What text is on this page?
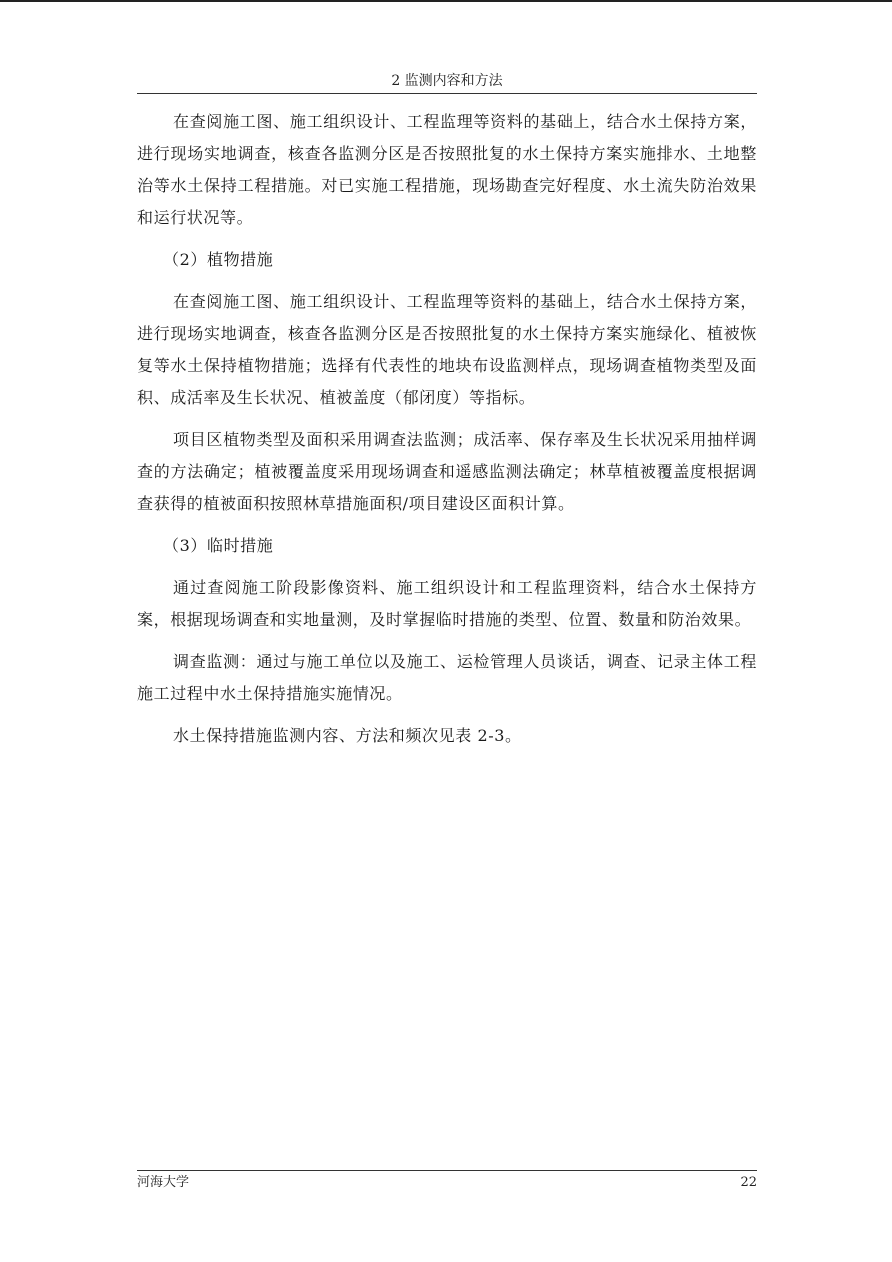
2 监测内容和方法

在查阅施工图、施工组织设计、工程监理等资料的基础上，结合水土保持方案，进行现场实地调查，核查各监测分区是否按照批复的水土保持方案实施排水、土地整治等水土保持工程措施。对已实施工程措施，现场勘查完好程度、水土流失防治效果和运行状况等。

（2）植物措施

在查阅施工图、施工组织设计、工程监理等资料的基础上，结合水土保持方案，进行现场实地调查，核查各监测分区是否按照批复的水土保持方案实施绿化、植被恢复等水土保持植物措施；选择有代表性的地块布设监测样点，现场调查植物类型及面积、成活率及生长状况、植被盖度（郁闭度）等指标。

项目区植物类型及面积采用调查法监测；成活率、保存率及生长状况采用抽样调查的方法确定；植被覆盖度采用现场调查和遥感监测法确定；林草植被覆盖度根据调查获得的植被面积按照林草措施面积/项目建设区面积计算。

（3）临时措施

通过查阅施工阶段影像资料、施工组织设计和工程监理资料，结合水土保持方案，根据现场调查和实地量测，及时掌握临时措施的类型、位置、数量和防治效果。

调查监测：通过与施工单位以及施工、运检管理人员谈话，调查、记录主体工程施工过程中水土保持措施实施情况。

水土保持措施监测内容、方法和频次见表 2-3。

河海大学	22
